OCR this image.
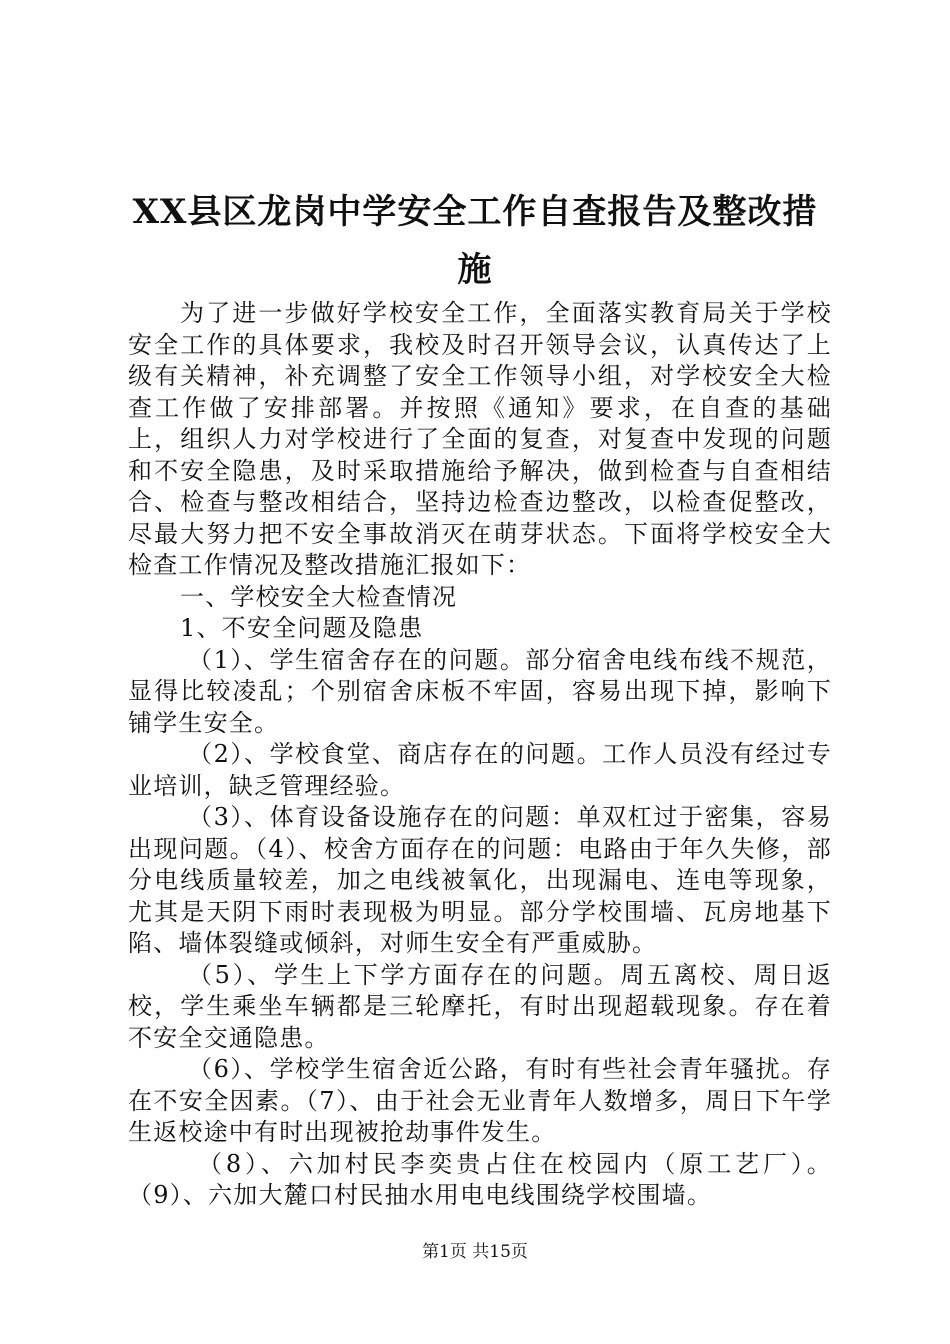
XX县区龙岗中学安全工作自查报告及整改措施

为了进一步做好学校安全工作，全面落实教育局关于学校安全工作的具体要求，我校及时召开领导会议，认真传达了上级有关精神，补充调整了安全工作领导小组，对学校安全大检查工作做了安排部署。并按照《通知》要求，在自查的基础上，组织人力对学校进行了全面的复查，对复查中发现的问题和不安全隐患，及时采取措施给予解决，做到检查与自查相结合、检查与整改相结合，坚持边检查边整改，以检查促整改，尽最大努力把不安全事故消灭在萌芽状态。下面将学校安全大检查工作情况及整改措施汇报如下：

一、学校安全大检查情况

1、不安全问题及隐患

（1）、学生宿舍存在的问题。部分宿舍电线布线不规范，显得比较凌乱；个别宿舍床板不牢固，容易出现下掉，影响下铺学生安全。

（2）、学校食堂、商店存在的问题。工作人员没有经过专业培训，缺乏管理经验。

（3）、体育设备设施存在的问题：单双杠过于密集，容易出现问题。（4）、校舍方面存在的问题：电路由于年久失修，部分电线质量较差，加之电线被氧化，出现漏电、连电等现象，尤其是天阴下雨时表现极为明显。部分学校围墙、瓦房地基下陷、墙体裂缝或倾斜，对师生安全有严重威胁。

（5）、学生上下学方面存在的问题。周五离校、周日返校，学生乘坐车辆都是三轮摩托，有时出现超载现象。存在着不安全交通隐患。

（6）、学校学生宿舍近公路，有时有些社会青年骚扰。存在不安全因素。（7）、由于社会无业青年人数增多，周日下午学生返校途中有时出现被抢劫事件发生。

（8）、六加村民李奕贵占住在校园内（原工艺厂）。（9）、六加大麓口村民抽水用电电线围绕学校围墙。

第1页 共15页
